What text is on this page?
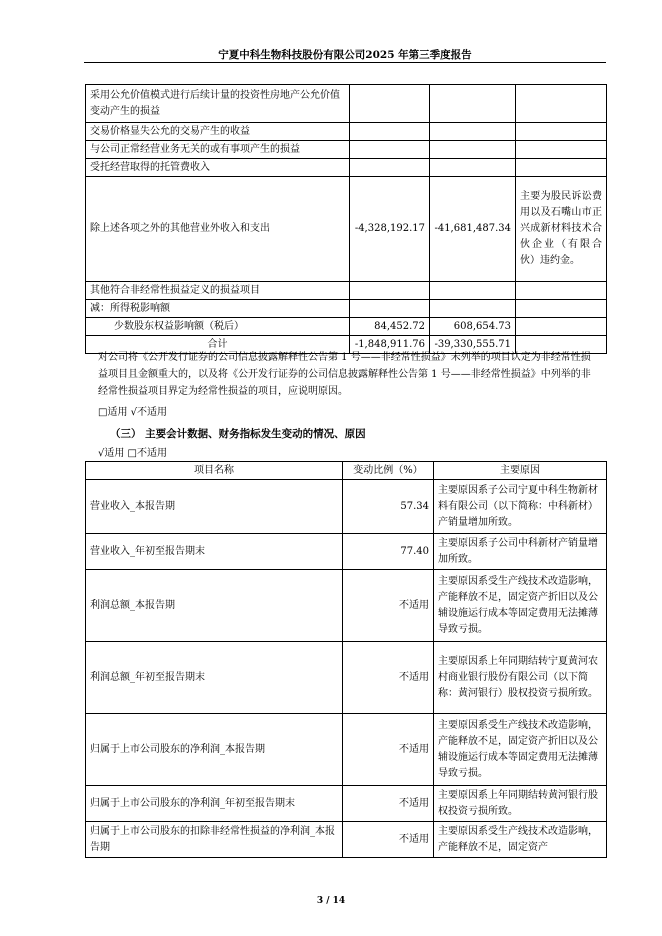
宁夏中科生物科技股份有限公司2025 年第三季度报告
采用公允价值模式进行后续计量的投资性房地产公允价值变动产生的损益			
交易价格显失公允的交易产生的收益			
与公司正常经营业务无关的或有事项产生的损益			
受托经营取得的托管费收入			
除上述各项之外的其他营业外收入和支出	-4,328,192.17	-41,681,487.34	主要为股民诉讼费用以及石嘴山市正兴成新材料技术合伙企业（有限合伙）违约金。
其他符合非经常性损益定义的损益项目			
减：所得税影响额			
少数股东权益影响额（税后）	84,452.72	608,654.73	
合计	-1,848,911.76	-39,330,555.71	
对公司将《公开发行证券的公司信息披露解释性公告第 1 号——非经常性损益》未列举的项目认定为非经常性损益项目且金额重大的，以及将《公开发行证券的公司信息披露解释性公告第 1 号——非经常性损益》中列举的非经常性损益项目界定为经常性损益的项目，应说明原因。
□适用 √不适用
（三） 主要会计数据、财务指标发生变动的情况、原因
√适用 □不适用
项目名称	变动比例（%）	主要原因
营业收入_本报告期	57.34	主要原因系子公司宁夏中科生物新材料有限公司（以下简称：中科新材）产销量增加所致。
营业收入_年初至报告期末	77.40	主要原因系子公司中科新材产销量增加所致。
利润总额_本报告期	不适用	主要原因系受生产线技术改造影响，产能释放不足，固定资产折旧以及公辅设施运行成本等固定费用无法摊薄导致亏损。
利润总额_年初至报告期末	不适用	主要原因系上年同期结转宁夏黄河农村商业银行股份有限公司（以下简称：黄河银行）股权投资亏损所致。
归属于上市公司股东的净利润_本报告期	不适用	主要原因系受生产线技术改造影响，产能释放不足，固定资产折旧以及公辅设施运行成本等固定费用无法摊薄导致亏损。
归属于上市公司股东的净利润_年初至报告期末	不适用	主要原因系上年同期结转黄河银行股权投资亏损所致。
归属于上市公司股东的扣除非经常性损益的净利润_本报告期	不适用	主要原因系受生产线技术改造影响，产能释放不足，固定资产
3 / 14
